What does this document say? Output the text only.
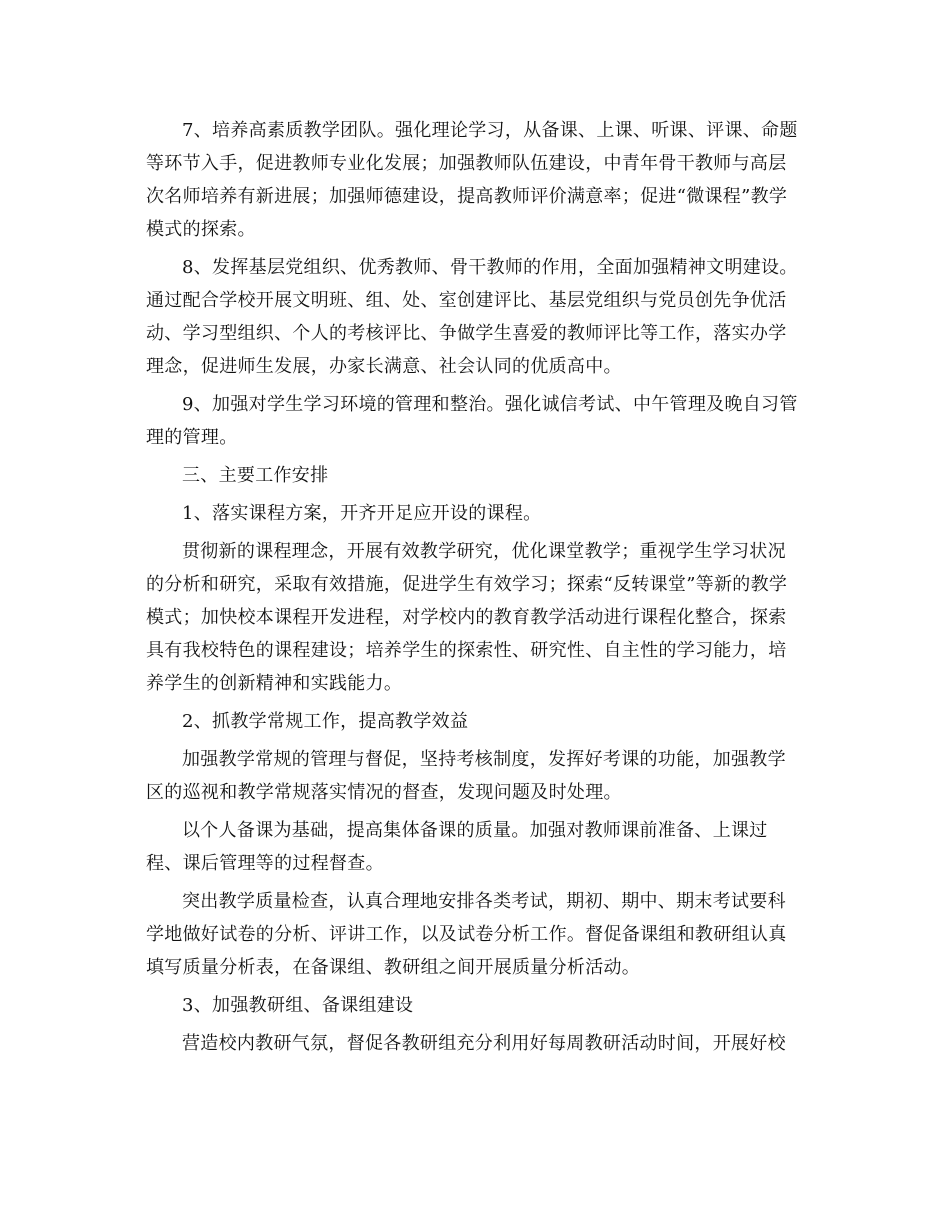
7、培养高素质教学团队。强化理论学习，从备课、上课、听课、评课、命题
等环节入手，促进教师专业化发展；加强教师队伍建设，中青年骨干教师与高层
次名师培养有新进展；加强师德建设，提高教师评价满意率；促进“微课程”教学
模式的探索。
8、发挥基层党组织、优秀教师、骨干教师的作用，全面加强精神文明建设。
通过配合学校开展文明班、组、处、室创建评比、基层党组织与党员创先争优活
动、学习型组织、个人的考核评比、争做学生喜爱的教师评比等工作，落实办学
理念，促进师生发展，办家长满意、社会认同的优质高中。
9、加强对学生学习环境的管理和整治。强化诚信考试、中午管理及晚自习管
理的管理。
三、主要工作安排
1、落实课程方案，开齐开足应开设的课程。
贯彻新的课程理念，开展有效教学研究，优化课堂教学；重视学生学习状况
的分析和研究，采取有效措施，促进学生有效学习；探索“反转课堂”等新的教学
模式；加快校本课程开发进程，对学校内的教育教学活动进行课程化整合，探索
具有我校特色的课程建设；培养学生的探索性、研究性、自主性的学习能力，培
养学生的创新精神和实践能力。
2、抓教学常规工作，提高教学效益
加强教学常规的管理与督促，坚持考核制度，发挥好考课的功能，加强教学
区的巡视和教学常规落实情况的督查，发现问题及时处理。
以个人备课为基础，提高集体备课的质量。加强对教师课前准备、上课过
程、课后管理等的过程督查。
突出教学质量检查，认真合理地安排各类考试，期初、期中、期末考试要科
学地做好试卷的分析、评讲工作，以及试卷分析工作。督促备课组和教研组认真
填写质量分析表，在备课组、教研组之间开展质量分析活动。
3、加强教研组、备课组建设
营造校内教研气氛，督促各教研组充分利用好每周教研活动时间，开展好校
